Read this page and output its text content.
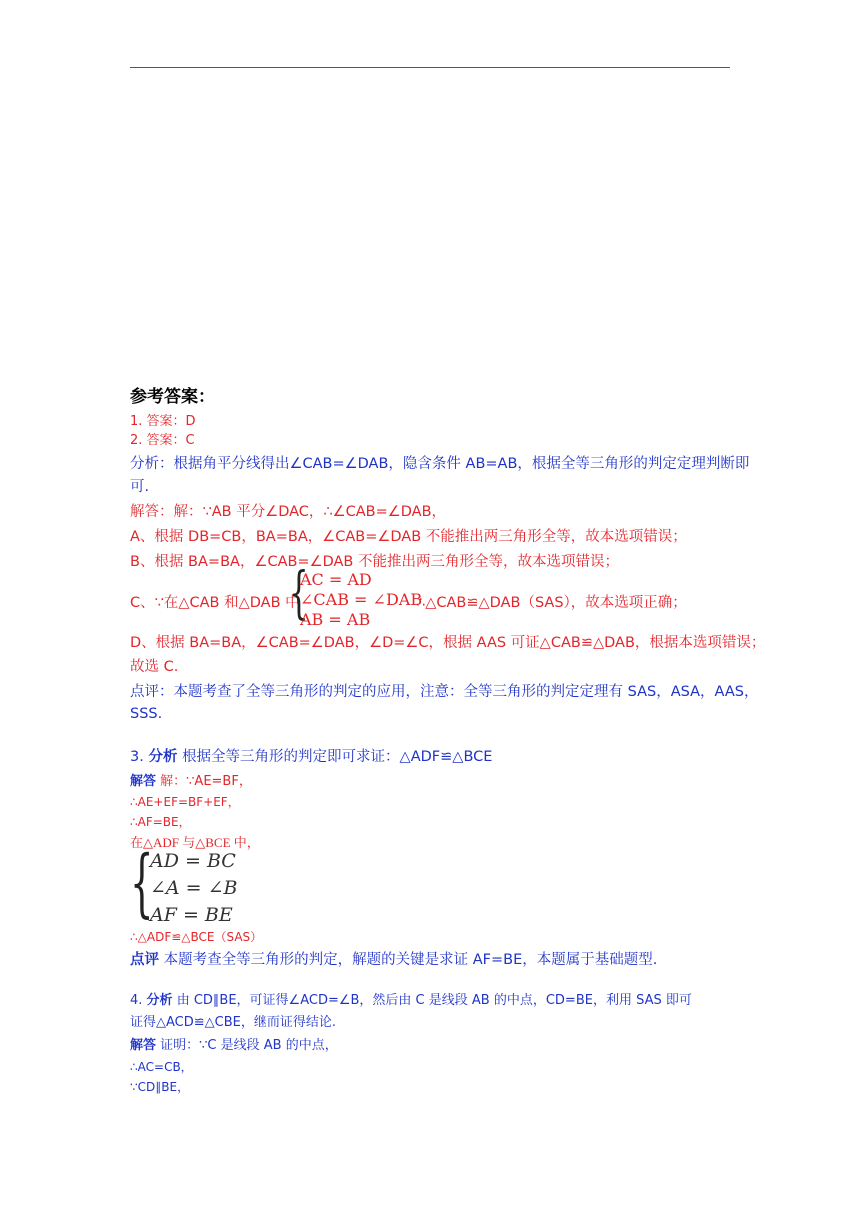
参考答案：
1. 答案：D
2. 答案：C
分析：根据角平分线得出∠CAB=∠DAB，隐含条件 AB=AB，根据全等三角形的判定定理判断即
可.
解答：解：∵AB 平分∠DAC，∴∠CAB=∠DAB，
A、根据 DB=CB，BA=BA，∠CAB=∠DAB 不能推出两三角形全等，故本选项错误；
B、根据 BA=BA，∠CAB=∠DAB 不能推出两三角形全等，故本选项错误；
C、∵在△CAB 和△DAB 中
{
AC = AD
∠CAB = ∠DAB
AB = AB
∴△CAB≌△DAB（SAS），故本选项正确；
D、根据 BA=BA，∠CAB=∠DAB，∠D=∠C，根据 AAS 可证△CAB≌△DAB，根据本选项错误；
故选 C.
点评：本题考查了全等三角形的判定的应用，注意：全等三角形的判定定理有 SAS，ASA，AAS，
SSS.
3. 分析 根据全等三角形的判定即可求证：△ADF≌△BCE
解答 解：∵AE=BF，
∴AE+EF=BF+EF，
∴AF=BE，
在△ADF 与△BCE 中，
{
AD = BC
∠A = ∠B
AF = BE
∴△ADF≌△BCE（SAS）
点评 本题考查全等三角形的判定，解题的关键是求证 AF=BE，本题属于基础题型.
4. 分析 由 CD∥BE，可证得∠ACD=∠B，然后由 C 是线段 AB 的中点，CD=BE，利用 SAS 即可
证得△ACD≌△CBE，继而证得结论.
解答 证明：∵C 是线段 AB 的中点，
∴AC=CB，
∵CD∥BE，
